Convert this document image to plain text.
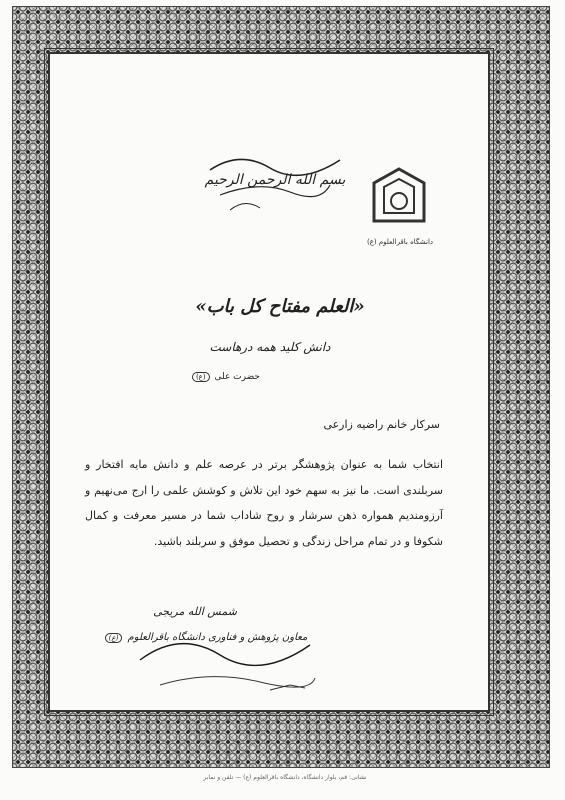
بسم الله الرحمن الرحیم
دانشگاه باقرالعلوم (ع)
«العلم مفتاح کل باب»
دانش کلید همه درهاست
حضرت علی (ع)
سرکار خانم راضیه زارعی
انتخاب شما به عنوان پژوهشگر برتر در عرصه علم و دانش مایه افتخار و سربلندی است. ما نیز به سهم خود این تلاش و کوشش علمی را ارج می‌نهیم و آرزومندیم همواره ذهن سرشار و روح شاداب شما در مسیر معرفت و کمال شکوفا و در تمام مراحل زندگی و تحصیل موفق و سربلند باشید.
شمس الله مریجی
معاون پژوهش و فناوری دانشگاه باقرالعلوم (ع)
نشانی: قم، بلوار دانشگاه، دانشگاه باقرالعلوم (ع) — تلفن و نمابر
